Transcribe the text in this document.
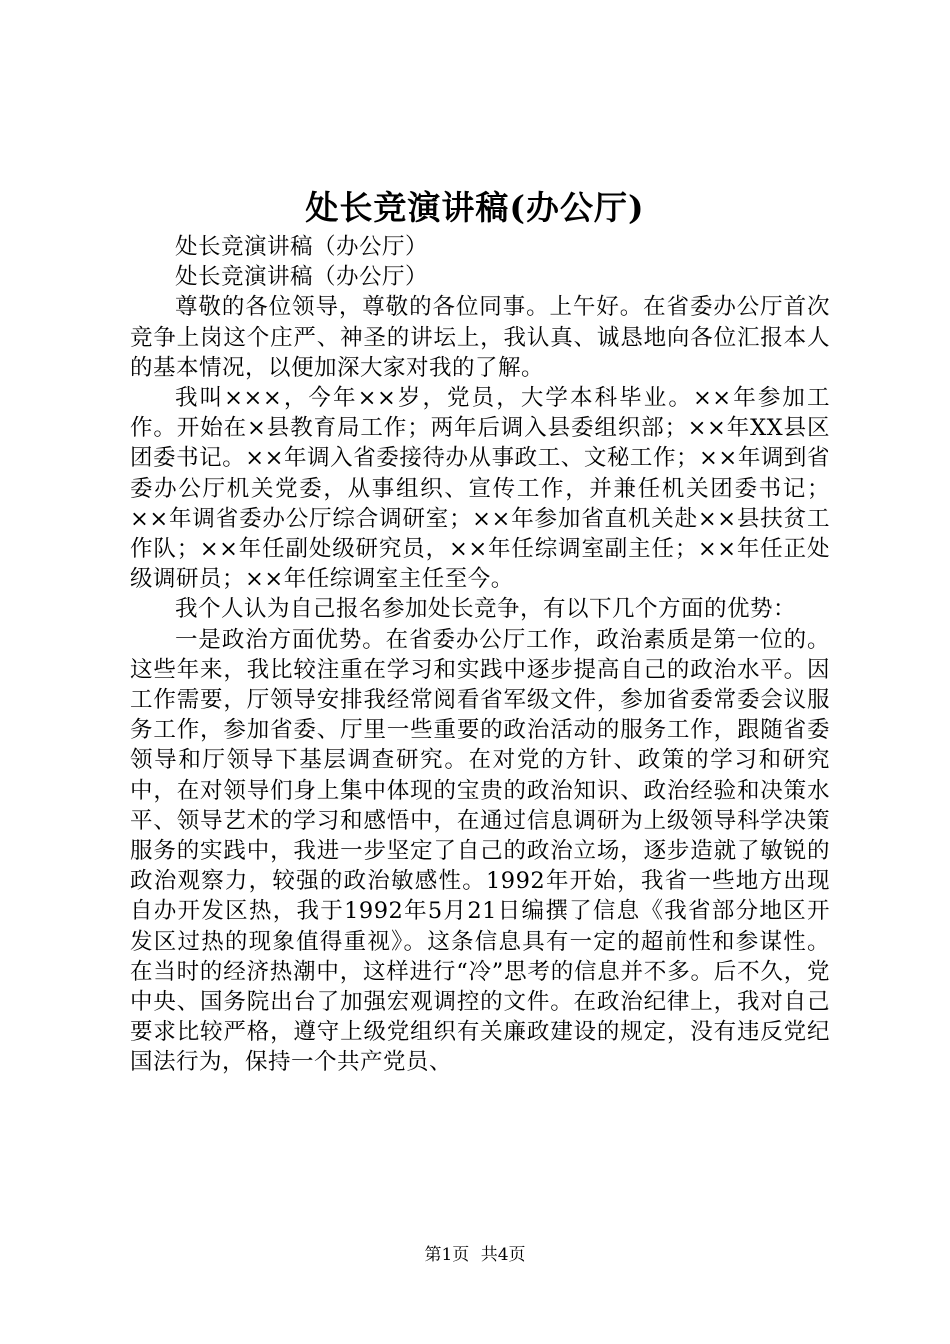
处长竞演讲稿(办公厅)

处长竞演讲稿（办公厅）

处长竞演讲稿（办公厅）

尊敬的各位领导，尊敬的各位同事。上午好。在省委办公厅首次竞争上岗这个庄严、神圣的讲坛上，我认真、诚恳地向各位汇报本人的基本情况，以便加深大家对我的了解。

我叫×××，今年××岁，党员，大学本科毕业。××年参加工作。开始在×县教育局工作；两年后调入县委组织部；××年XX县区团委书记。××年调入省委接待办从事政工、文秘工作；××年调到省委办公厅机关党委，从事组织、宣传工作，并兼任机关团委书记；××年调省委办公厅综合调研室；××年参加省直机关赴××县扶贫工作队；××年任副处级研究员，××年任综调室副主任；××年任正处级调研员；××年任综调室主任至今。

我个人认为自己报名参加处长竞争，有以下几个方面的优势：

一是政治方面优势。在省委办公厅工作，政治素质是第一位的。这些年来，我比较注重在学习和实践中逐步提高自己的政治水平。因工作需要，厅领导安排我经常阅看省军级文件，参加省委常委会议服务工作，参加省委、厅里一些重要的政治活动的服务工作，跟随省委领导和厅领导下基层调查研究。在对党的方针、政策的学习和研究中，在对领导们身上集中体现的宝贵的政治知识、政治经验和决策水平、领导艺术的学习和感悟中，在通过信息调研为上级领导科学决策服务的实践中，我进一步坚定了自己的政治立场，逐步造就了敏锐的政治观察力，较强的政治敏感性。1992年开始，我省一些地方出现自办开发区热，我于1992年5月21日编撰了信息《我省部分地区开发区过热的现象值得重视》。这条信息具有一定的超前性和参谋性。在当时的经济热潮中，这样进行“冷”思考的信息并不多。后不久，党中央、国务院出台了加强宏观调控的文件。在政治纪律上，我对自己要求比较严格，遵守上级党组织有关廉政建设的规定，没有违反党纪国法行为，保持一个共产党员、

第1页 共4页
